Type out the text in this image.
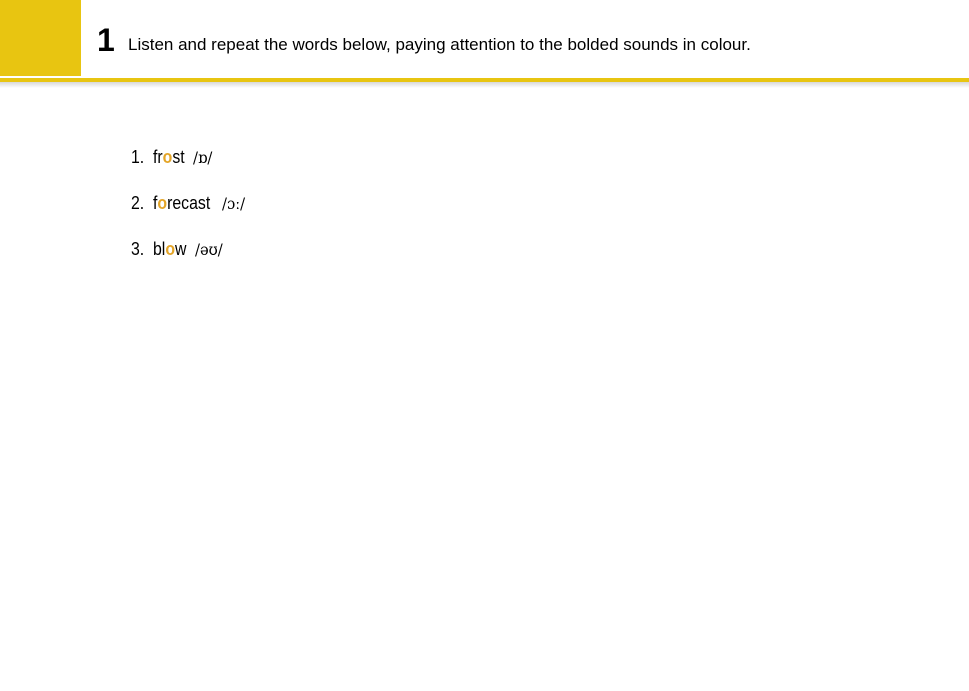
1 Listen and repeat the words below, paying attention to the bolded sounds in colour.
1. frost /ɒ/
2. forecast /ɔː/
3. blow /əʊ/
